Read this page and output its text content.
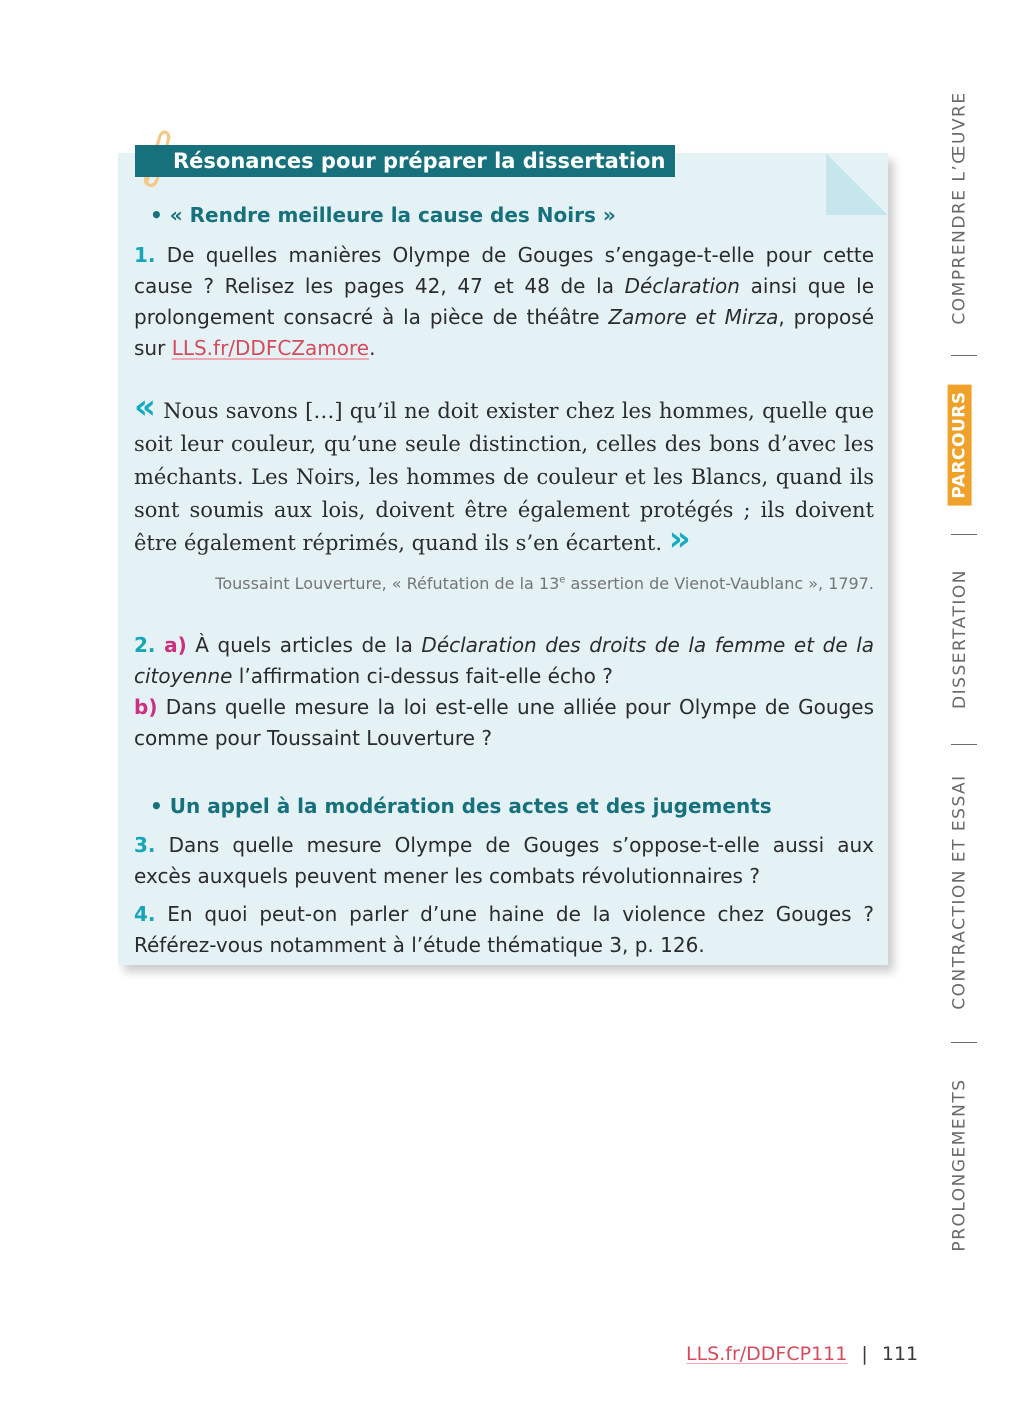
Résonances pour préparer la dissertation
• « Rendre meilleure la cause des Noirs »
1. De quelles manières Olympe de Gouges s’engage-t-elle pour cette cause ? Relisez les pages 42, 47 et 48 de la Déclaration ainsi que le prolongement consacré à la pièce de théâtre Zamore et Mirza, proposé sur LLS.fr/DDFCZamore.
« Nous savons […] qu’il ne doit exister chez les hommes, quelle que soit leur couleur, qu’une seule distinction, celles des bons d’avec les méchants. Les Noirs, les hommes de couleur et les Blancs, quand ils sont soumis aux lois, doivent être également protégés ; ils doivent être également réprimés, quand ils s’en écartent. »
Toussaint Louverture, « Réfutation de la 13e assertion de Vienot-Vaublanc », 1797.
2. a) À quels articles de la Déclaration des droits de la femme et de la citoyenne l’affirmation ci-dessus fait-elle écho ?
b) Dans quelle mesure la loi est-elle une alliée pour Olympe de Gouges comme pour Toussaint Louverture ?
• Un appel à la modération des actes et des jugements
3. Dans quelle mesure Olympe de Gouges s’oppose-t-elle aussi aux excès auxquels peuvent mener les combats révolutionnaires ?
4. En quoi peut-on parler d’une haine de la violence chez Gouges ? Référez-vous notamment à l’étude thématique 3, p. 126.
COMPRENDRE L’ŒUVRE
PARCOURS
DISSERTATION
CONTRACTION ET ESSAI
PROLONGEMENTS
LLS.fr/DDFCP111 | 111
